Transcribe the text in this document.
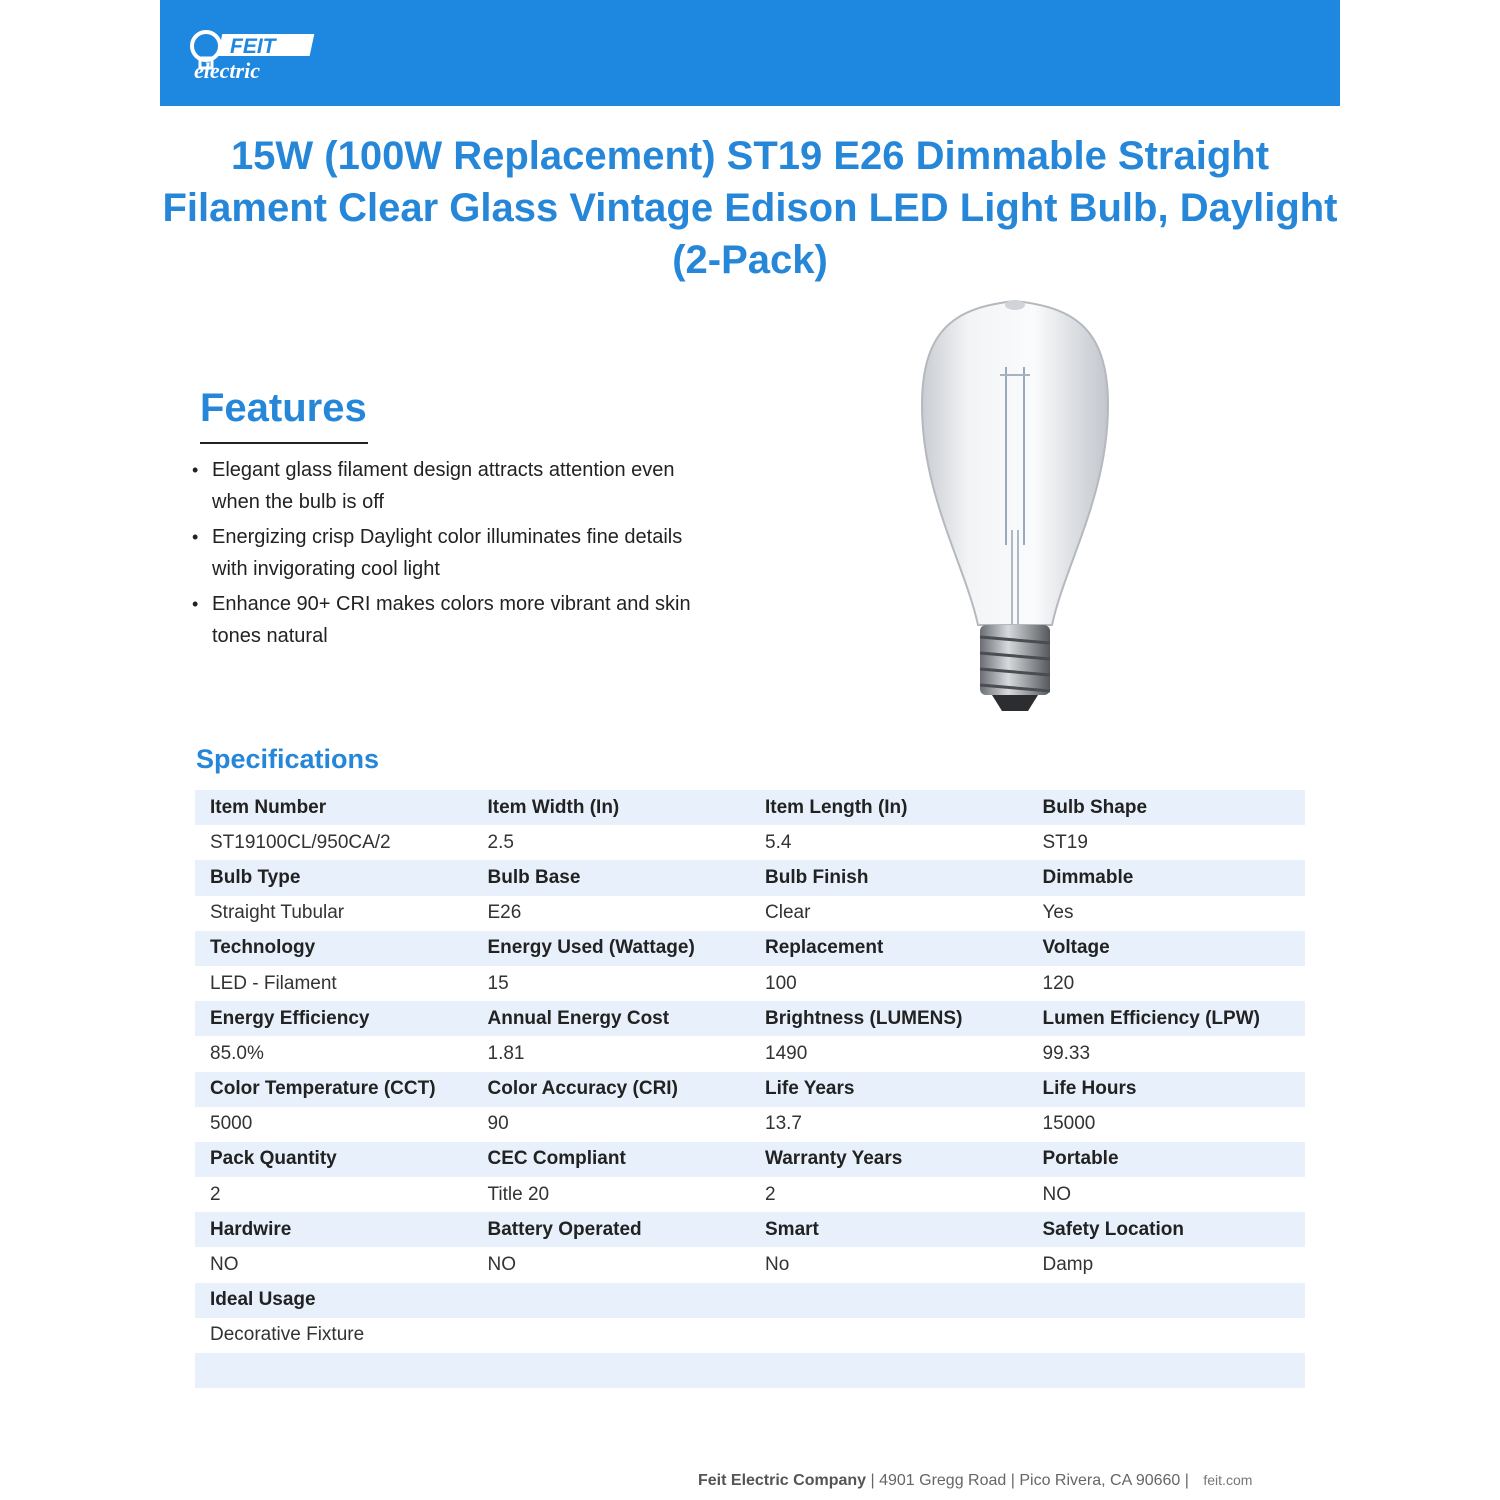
FEIT
electric
15W (100W Replacement) ST19 E26 Dimmable Straight Filament Clear Glass Vintage Edison LED Light Bulb, Daylight (2-Pack)
Features
• Elegant glass filament design attracts attention even when the bulb is off
• Energizing crisp Daylight color illuminates fine details with invigorating cool light
• Enhance 90+ CRI makes colors more vibrant and skin tones natural
Specifications
Item Number	Item Width (In)	Item Length (In)	Bulb Shape
ST19100CL/950CA/2	2.5	5.4	ST19
Bulb Type	Bulb Base	Bulb Finish	Dimmable
Straight Tubular	E26	Clear	Yes
Technology	Energy Used (Wattage)	Replacement	Voltage
LED - Filament	15	100	120
Energy Efficiency	Annual Energy Cost	Brightness (LUMENS)	Lumen Efficiency (LPW)
85.0%	1.81	1490	99.33
Color Temperature (CCT)	Color Accuracy (CRI)	Life Years	Life Hours
5000	90	13.7	15000
Pack Quantity	CEC Compliant	Warranty Years	Portable
2	Title 20	2	NO
Hardwire	Battery Operated	Smart	Safety Location
NO	NO	No	Damp
Ideal Usage			
Decorative Fixture			

Feit Electric Company | 4901 Gregg Road | Pico Rivera, CA 90660 | feit.com
